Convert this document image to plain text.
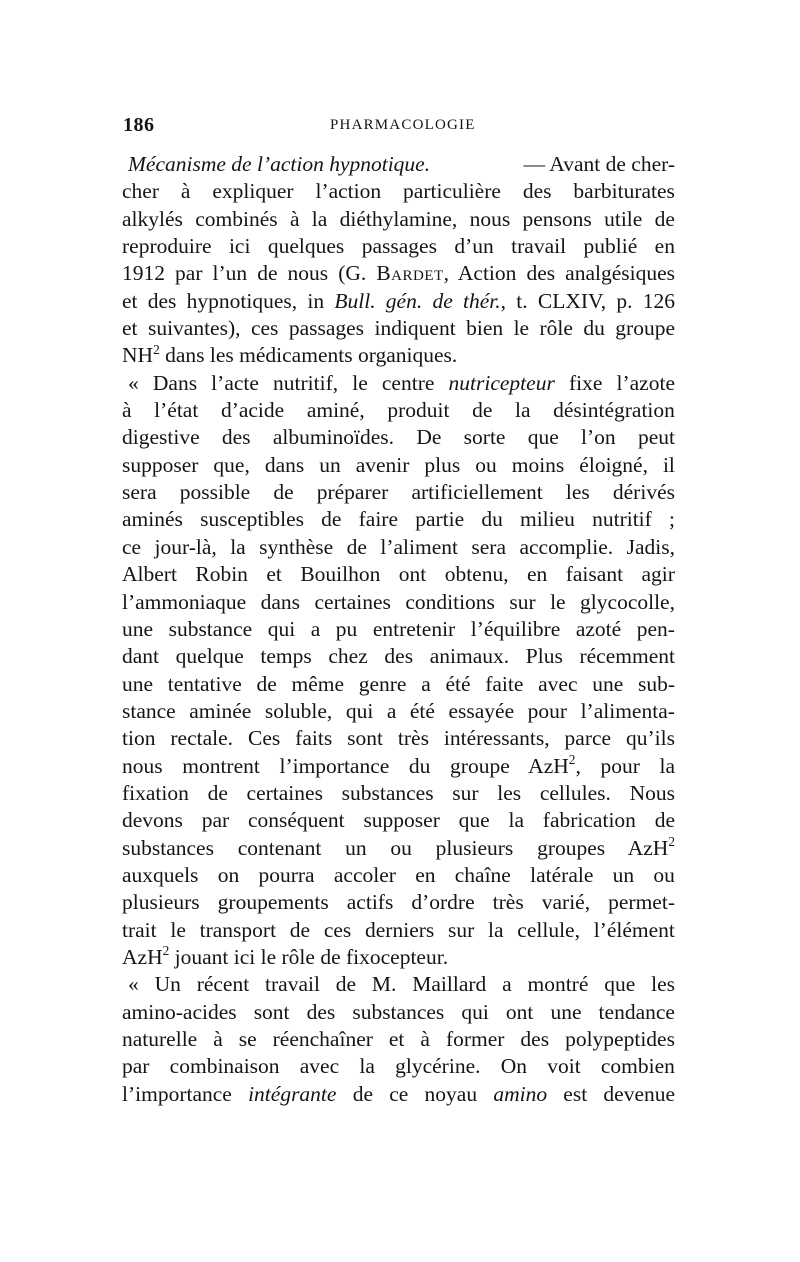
186	PHARMACOLOGIE
Mécanisme de l’action hypnotique.	— Avant de cher-
cher à expliquer l’action particulière des barbiturates
alkylés combinés à la diéthylamine, nous pensons utile de
reproduire ici quelques passages d’un travail publié en
1912 par l’un de nous (G. Bardet, Action des analgésiques
et des hypnotiques, in Bull. gén. de thér., t. CLXIV, p. 126
et suivantes), ces passages indiquent bien le rôle du groupe
$NH^2$ dans les médicaments organiques.
« Dans l’acte nutritif, le centre nutricepteur fixe l’azote
à l’état d’acide aminé, produit de la désintégration
digestive des albuminoïdes. De sorte que l’on peut
supposer que, dans un avenir plus ou moins éloigné, il
sera possible de préparer artificiellement les dérivés
aminés susceptibles de faire partie du milieu nutritif ;
ce jour-là, la synthèse de l’aliment sera accomplie. Jadis,
Albert Robin et Bouilhon ont obtenu, en faisant agir
l’ammoniaque dans certaines conditions sur le glycocolle,
une substance qui a pu entretenir l’équilibre azoté pen-
dant quelque temps chez des animaux. Plus récemment
une tentative de même genre a été faite avec une sub-
stance aminée soluble, qui a été essayée pour l’alimenta-
tion rectale. Ces faits sont très intéressants, parce qu’ils
nous montrent l’importance du groupe AzH$^2$, pour la
fixation de certaines substances sur les cellules. Nous
devons par conséquent supposer que la fabrication de
substances contenant un ou plusieurs groupes AzH$^2$
auxquels on pourra accoler en chaîne latérale un ou
plusieurs groupements actifs d’ordre très varié, permet-
trait le transport de ces derniers sur la cellule, l’élément
AzH$^2$ jouant ici le rôle de fixocepteur.
« Un récent travail de M. Maillard a montré que les
amino-acides sont des substances qui ont une tendance
naturelle à se réenchaîner et à former des polypeptides
par combinaison avec la glycérine. On voit combien
l’importance intégrante de ce noyau amino est devenue
